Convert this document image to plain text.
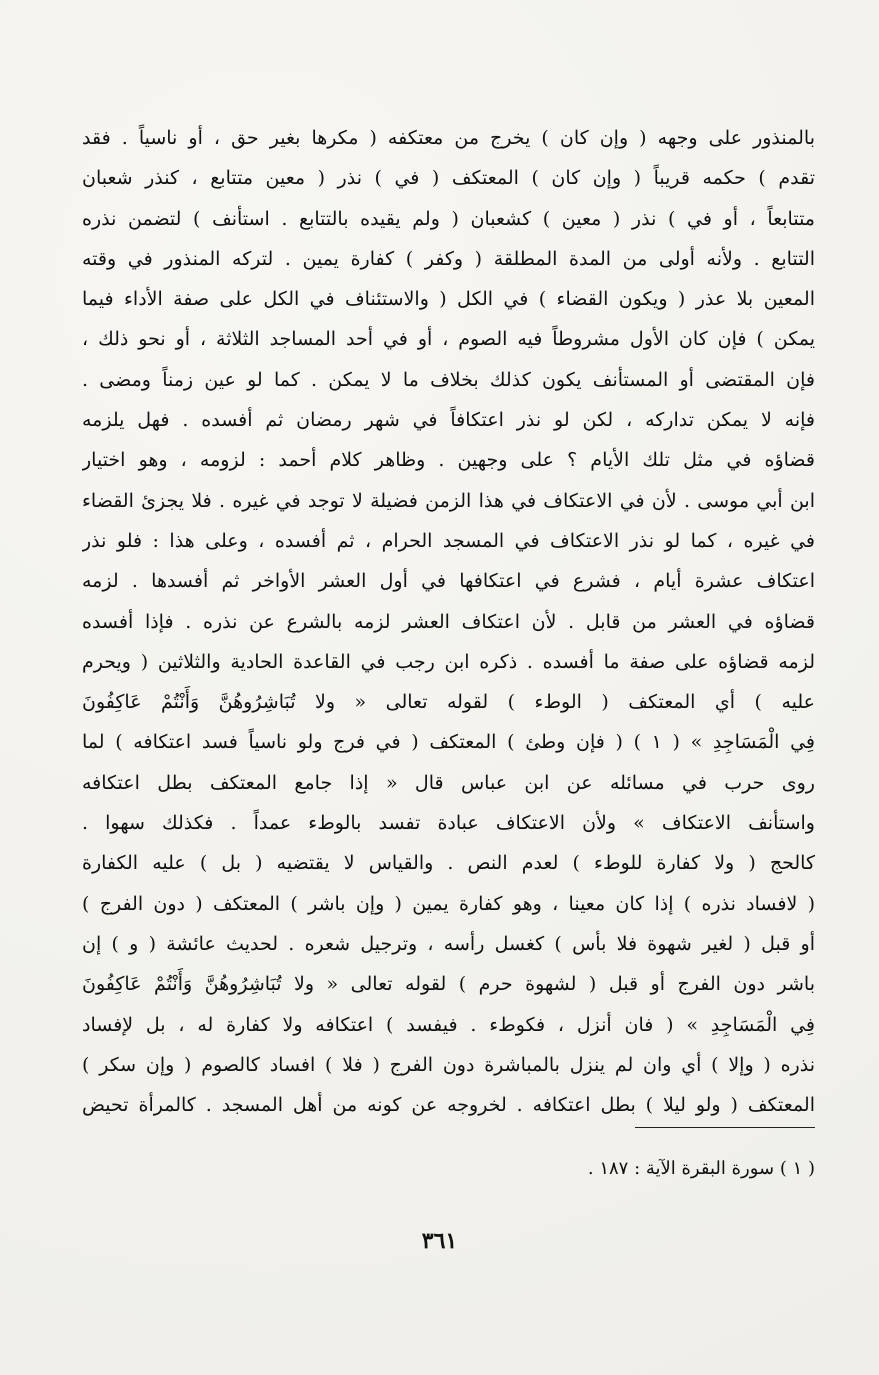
بالمنذور على وجهه ( وإن كان ) يخرج من معتكفه ( مكرها بغير حق ، أو ناسياً . فقد
تقدم ) حكمه قريباً ( وإن كان ) المعتكف ( في ) نذر ( معين متتابع ، كنذر شعبان
متتابعاً ، أو في ) نذر ( معين ) كشعبان ( ولم يقيده بالتتابع . استأنف ) لتضمن نذره
التتابع . ولأنه أولى من المدة المطلقة ( وكفر ) كفارة يمين . لتركه المنذور في وقته
المعين بلا عذر ( ويكون القضاء ) في الكل ( والاستئناف في الكل على صفة الأداء فيما
يمكن ) فإن كان الأول مشروطاً فيه الصوم ، أو في أحد المساجد الثلاثة ، أو نحو ذلك ،
فإن المقتضى أو المستأنف يكون كذلك بخلاف ما لا يمكن . كما لو عين زمناً ومضى .
فإنه لا يمكن تداركه ، لكن لو نذر اعتكافاً في شهر رمضان ثم أفسده . فهل يلزمه
قضاؤه في مثل تلك الأيام ؟ على وجهين . وظاهر كلام أحمد : لزومه ، وهو اختيار
ابن أبي موسى . لأن في الاعتكاف في هذا الزمن فضيلة لا توجد في غيره . فلا يجزئ القضاء
في غيره ، كما لو نذر الاعتكاف في المسجد الحرام ، ثم أفسده ، وعلى هذا : فلو نذر
اعتكاف عشرة أيام ، فشرع في اعتكافها في أول العشر الأواخر ثم أفسدها . لزمه
قضاؤه في العشر من قابل . لأن اعتكاف العشر لزمه بالشرع عن نذره . فإذا أفسده
لزمه قضاؤه على صفة ما أفسده . ذكره ابن رجب في القاعدة الحادية والثلاثين ( ويحرم
عليه ) أي المعتكف ( الوطء ) لقوله تعالى « ولا تُبَاشِرُوهُنَّ وَأَنْتُمْ عَاكِفُونَ
فِي الْمَسَاجِدِ » ( ١ ) ( فإن وطئ ) المعتكف ( في فرج ولو ناسياً فسد اعتكافه ) لما
روى حرب في مسائله عن ابن عباس قال « إذا جامع المعتكف بطل اعتكافه
واستأنف الاعتكاف » ولأن الاعتكاف عبادة تفسد بالوطء عمداً . فكذلك سهوا .
كالحج ( ولا كفارة للوطء ) لعدم النص . والقياس لا يقتضيه ( بل ) عليه الكفارة
( لافساد نذره ) إذا كان معينا ، وهو كفارة يمين ( وإن باشر ) المعتكف ( دون الفرج )
أو قبل ( لغير شهوة فلا بأس ) كغسل رأسه ، وترجيل شعره . لحديث عائشة ( و ) إن
باشر دون الفرج أو قبل ( لشهوة حرم ) لقوله تعالى « ولا تُبَاشِرُوهُنَّ وَأَنْتُمْ عَاكِفُونَ
فِي الْمَسَاجِدِ » ( فان أنزل ، فكوطء . فيفسد ) اعتكافه ولا كفارة له ، بل لإفساد
نذره ( وإلا ) أي وان لم ينزل بالمباشرة دون الفرج ( فلا ) افساد كالصوم ( وإن سكر )
المعتكف ( ولو ليلا ) بطل اعتكافه . لخروجه عن كونه من أهل المسجد . كالمرأة تحيض
( ١ ) سورة البقرة الآية : ١٨٧ .
٣٦١
